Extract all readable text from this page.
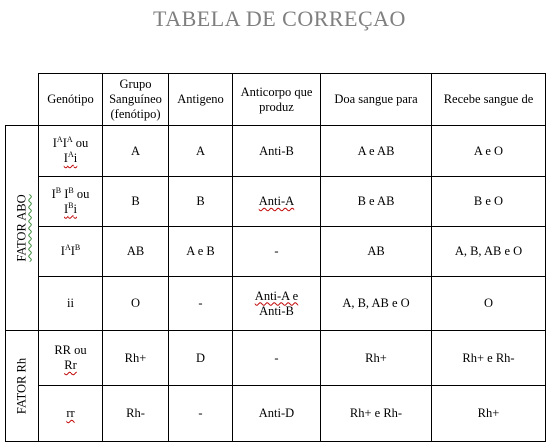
TABELA DE CORREÇAO
	Genótipo	Grupo
Sanguíneo
(fenótipo)	Antigeno	Anticorpo que
produz	Doa sangue para	Recebe sangue de

FATOR ABO	$I^AI^A$ ou
$I^Ai$	A	A	Anti-B	A e AB	A e O
	$I^B$ $I^B$ ou
$I^Bi$	B	B	Anti-A	B e AB	B e O
	$I^AI^B$	AB	A e B	-	AB	A, B, AB e O
	ii	O	-	Anti-A e
Anti-B	A, B, AB e O	O

FATOR Rh	RR ou
Rr	Rh+	D	-	Rh+	Rh+ e Rh-
	rr	Rh-	-	Anti-D	Rh+ e Rh-	Rh+
